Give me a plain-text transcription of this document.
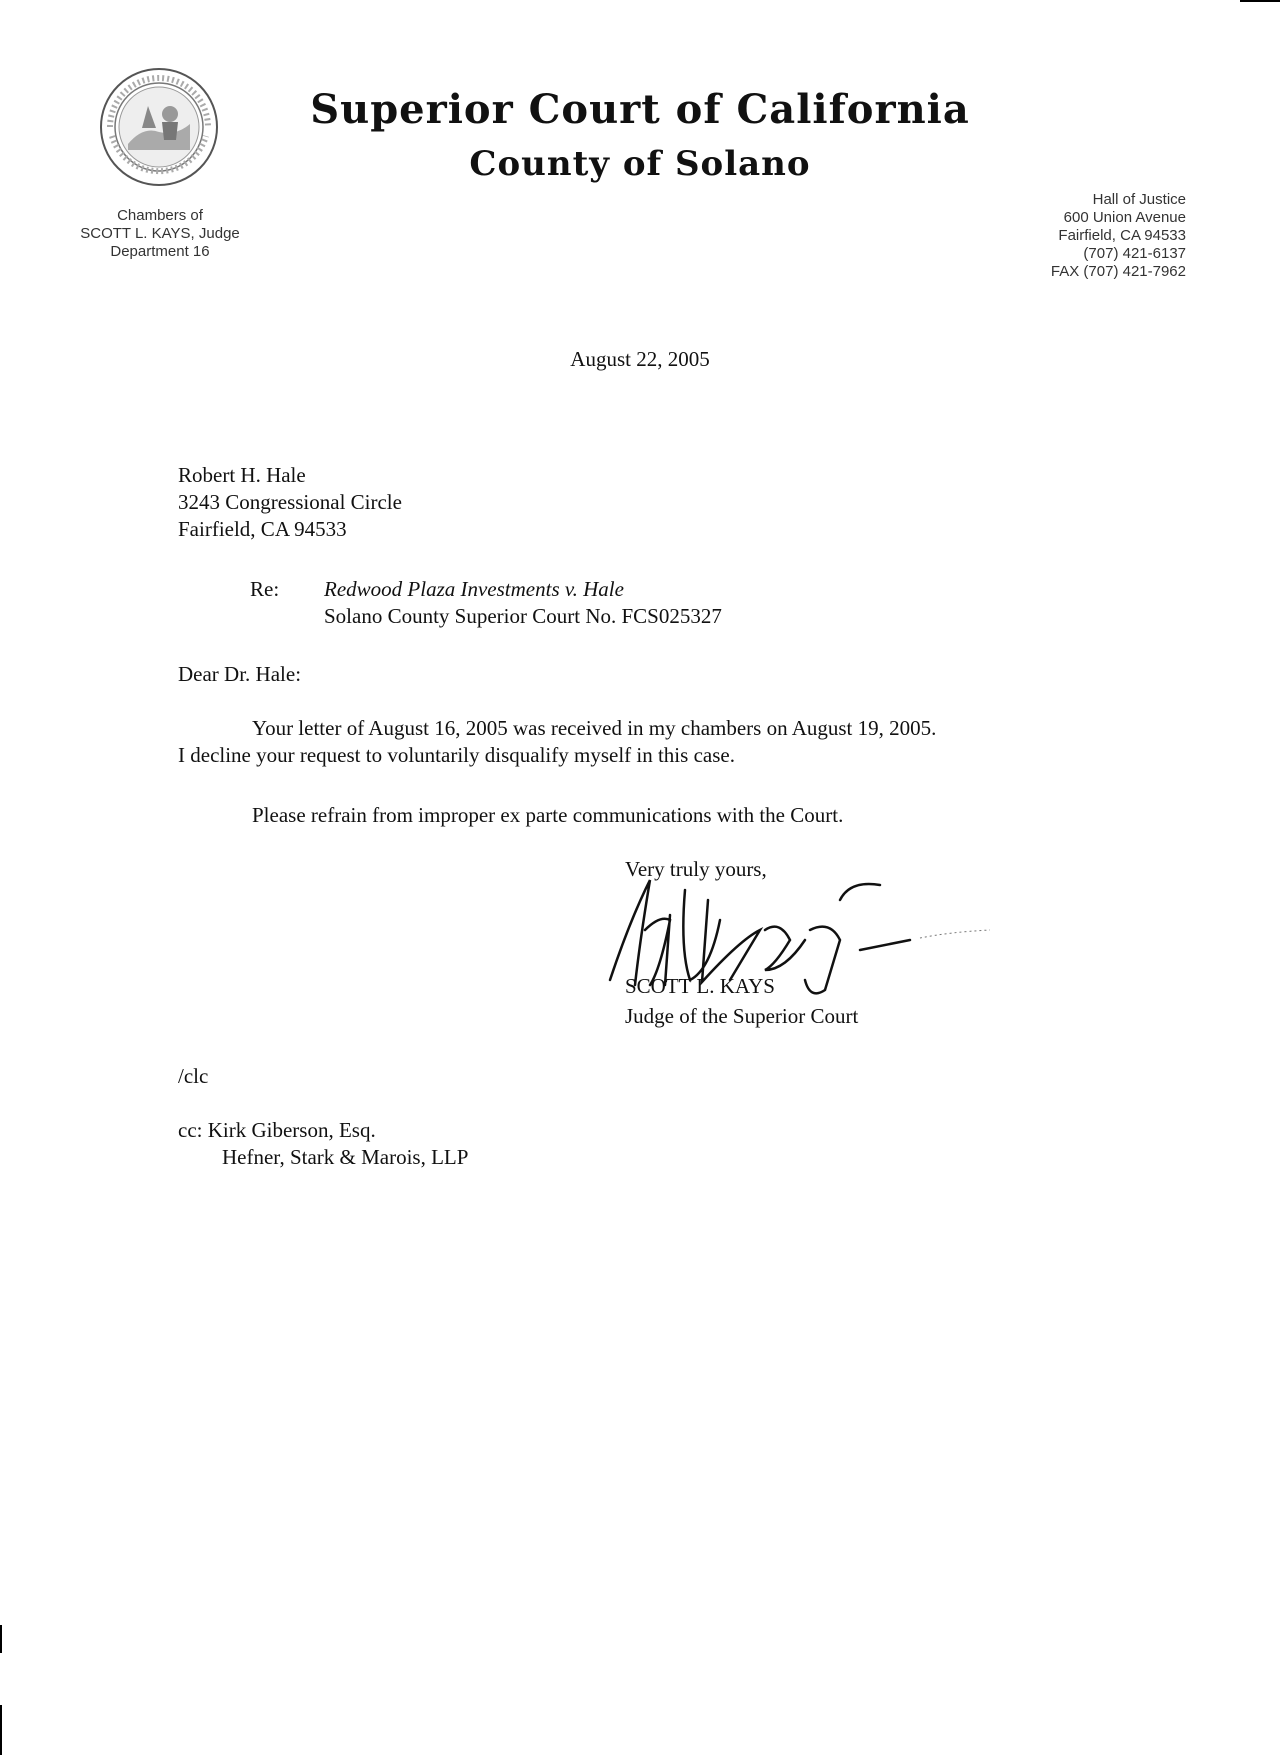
Superior Court of California
County of Solano
Chambers of
SCOTT L. KAYS, Judge
Department 16
Hall of Justice
600 Union Avenue
Fairfield, CA 94533
(707) 421-6137
FAX (707) 421-7962
August 22, 2005
Robert H. Hale
3243 Congressional Circle
Fairfield, CA 94533
Re: Redwood Plaza Investments v. Hale
Solano County Superior Court No. FCS025327
Dear Dr. Hale:
Your letter of August 16, 2005 was received in my chambers on August 19, 2005.
I decline your request to voluntarily disqualify myself in this case.
Please refrain from improper ex parte communications with the Court.
Very truly yours,
SCOTT L. KAYS
Judge of the Superior Court
/clc
cc: Kirk Giberson, Esq.
Hefner, Stark & Marois, LLP
